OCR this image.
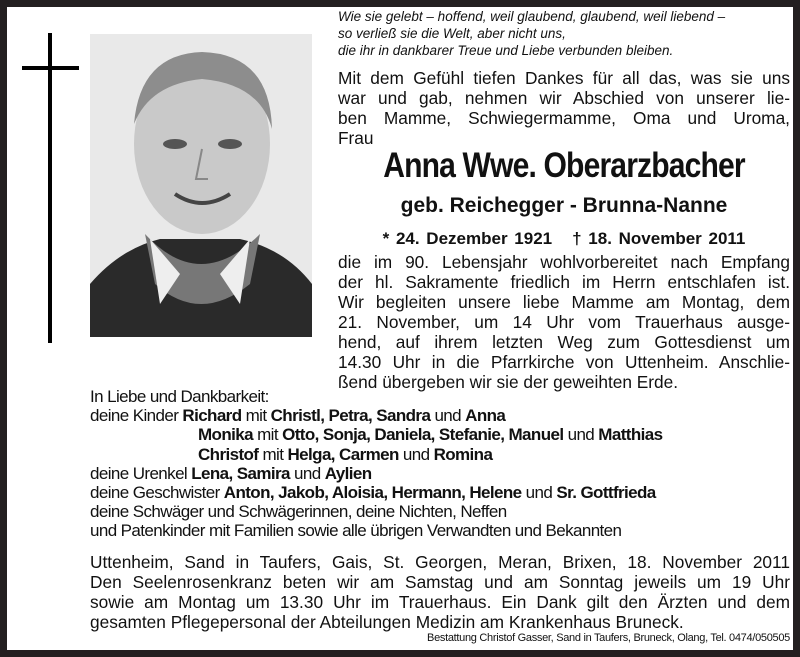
Wie sie gelebt – hoffend, weil glaubend, glaubend, weil liebend –
so verließ sie die Welt, aber nicht uns,
die ihr in dankbarer Treue und Liebe verbunden bleiben.
Mit dem Gefühl tiefen Dankes für all das, was sie uns
war und gab, nehmen wir Abschied von unserer lie-
ben Mamme, Schwiegermamme, Oma und Uroma,
Frau
Anna Wwe. Oberarzbacher
geb. Reichegger - Brunna-Nanne
* 24. Dezember 1921 † 18. November 2011
die im 90. Lebensjahr wohlvorbereitet nach Empfang
der hl. Sakramente friedlich im Herrn entschlafen ist.
Wir begleiten unsere liebe Mamme am Montag, dem
21. November, um 14 Uhr vom Trauerhaus ausge-
hend, auf ihrem letzten Weg zum Gottesdienst um
14.30 Uhr in die Pfarrkirche von Uttenheim. Anschlie-
ßend übergeben wir sie der geweihten Erde.
In Liebe und Dankbarkeit:
deine Kinder Richard mit Christl, Petra, Sandra und Anna
Monika mit Otto, Sonja, Daniela, Stefanie, Manuel und Matthias
Christof mit Helga, Carmen und Romina
deine Urenkel Lena, Samira und Aylien
deine Geschwister Anton, Jakob, Aloisia, Hermann, Helene und Sr. Gottfrieda
deine Schwäger und Schwägerinnen, deine Nichten, Neffen
und Patenkinder mit Familien sowie alle übrigen Verwandten und Bekannten
Uttenheim, Sand in Taufers, Gais, St. Georgen, Meran, Brixen, 18. November 2011
Den Seelenrosenkranz beten wir am Samstag und am Sonntag jeweils um 19 Uhr
sowie am Montag um 13.30 Uhr im Trauerhaus. Ein Dank gilt den Ärzten und dem
gesamten Pflegepersonal der Abteilungen Medizin am Krankenhaus Bruneck.
Bestattung Christof Gasser, Sand in Taufers, Bruneck, Olang, Tel. 0474/050505
